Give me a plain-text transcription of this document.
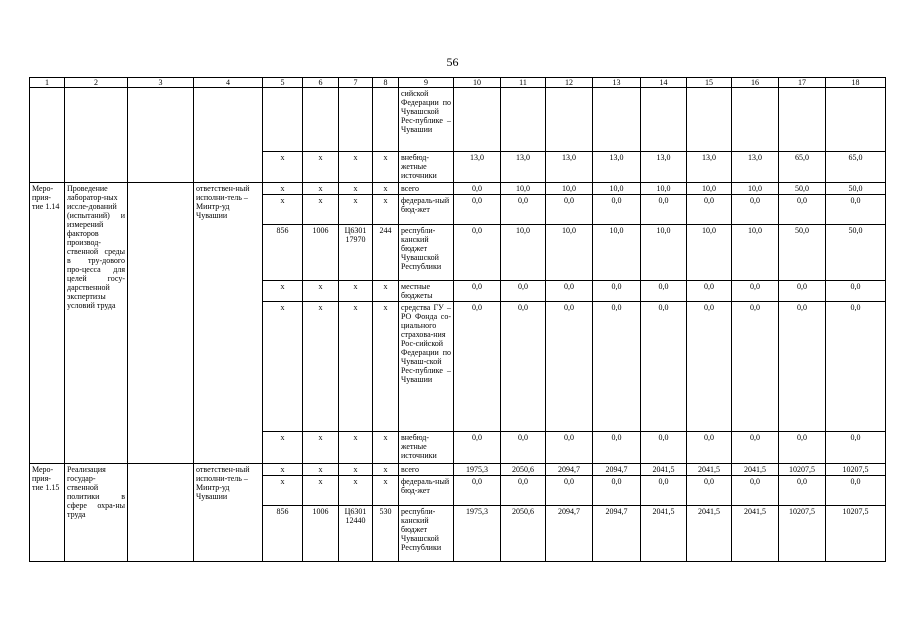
56
1	2	3	4	5	6	7	8	9	10	11	12	13	14	15	16	17	18
								сийской Федерации по Чувашской Рес-публике – Чувашии									
				х	х	х	х	внебюд-жетные источники	13,0	13,0	13,0	13,0	13,0	13,0	13,0	65,0	65,0
Меро-прия-тие 1.14	Проведение лаборатор-ных иссле-дований (испытаний) и измерений факторов производ-ственной среды в тру-дового про-цесса для целей госу-дарственной экспертизы условий труда		ответствен-ный исполни-тель – Минтр-уд Чувашии	х	х	х	х	всего	0,0	10,0	10,0	10,0	10,0	10,0	10,0	50,0	50,0
				х	х	х	х	федераль-ный бюд-жет	0,0	0,0	0,0	0,0	0,0	0,0	0,0	0,0	0,0
				856	1006	Ц6301 17970	244	республи-канский бюджет Чувашской Республики	0,0	10,0	10,0	10,0	10,0	10,0	10,0	50,0	50,0
				х	х	х	х	местные бюджеты	0,0	0,0	0,0	0,0	0,0	0,0	0,0	0,0	0,0
				х	х	х	х	средства ГУ – РО Фонда со-циального страхова-ния Рос-сийской Федерации по Чуваш-ской Рес-публике – Чувашии	0,0	0,0	0,0	0,0	0,0	0,0	0,0	0,0	0,0
				х	х	х	х	внебюд-жетные источники	0,0	0,0	0,0	0,0	0,0	0,0	0,0	0,0	0,0
Меро-прия-тие 1.15	Реализация государ-ственной политики в сфере охра-ны труда		ответствен-ный исполни-тель – Минтр-уд Чувашии	х	х	х	х	всего	1975,3	2050,6	2094,7	2094,7	2041,5	2041,5	2041,5	10207,5	10207,5
				х	х	х	х	федераль-ный бюд-жет	0,0	0,0	0,0	0,0	0,0	0,0	0,0	0,0	0,0
				856	1006	Ц6301 12440	530	республи-канский бюджет Чувашской Республики	1975,3	2050,6	2094,7	2094,7	2041,5	2041,5	2041,5	10207,5	10207,5
